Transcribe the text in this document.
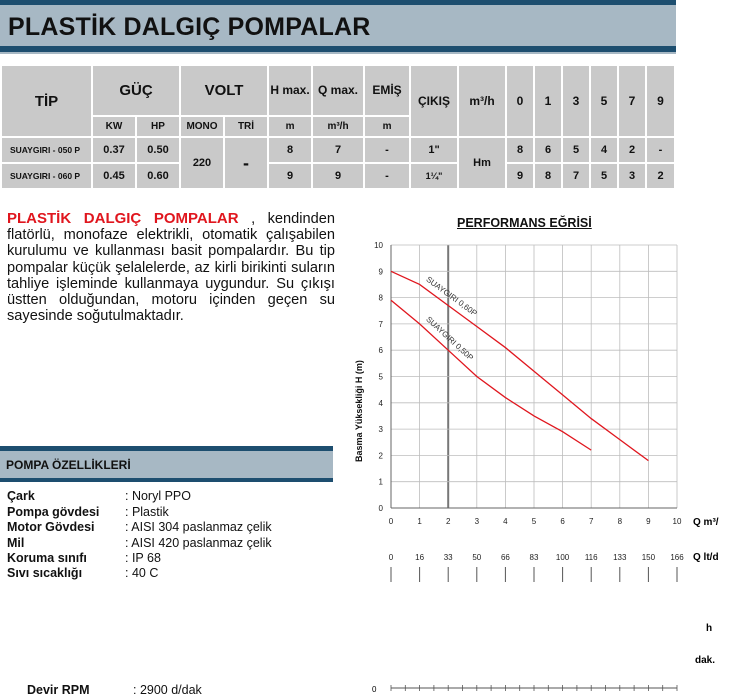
PLASTİK DALGIÇ POMPALAR
TİP	GÜÇ		VOLT		H max.	Q max.	EMİŞ	ÇIKIŞ	m³/h	0	1	3	5	7	9
	KW	HP	MONO	TRİ	m	m³/h	m								
SUAYGIRI - 050 P	0.37	0.50	220	-	8	7	-	1"	Hm	8	6	5	4	2	-
SUAYGIRI - 060 P	0.45	0.60			9	9	-	1¼"		9	8	7	5	3	2
PLASTİK DALGIÇ POMPALAR , kendinden flatörlü, monofaze elektrikli, otomatik çalışabilen kurulumu ve kullanması basit pompalardır. Bu tip pompalar küçük şelalelerde, az kirli birikinti suların tahliye işleminde kullanmaya uygundur. Su çıkışı üstten olduğundan, motoru içinden geçen su sayesinde soğutulmaktadır.
POMPA ÖZELLİKLERİ
Çark	: Noryl PPO
Pompa gövdesi : Plastik
Motor Gövdesi : AISI 304 paslanmaz çelik
Mil	: AISI 420 paslanmaz çelik
Koruma sınıfı	: IP 68
Sıvı sıcaklığı	: 40 C
Devir RPM	: 2900 d/dak
PERFORMANS EĞRİSİ
SUAYGIRI 0,60P
SUAYGIRI 0,50P
0	1	2	3	4	5	6	7	8	9	10
0
1
2
3
4
5
6
7
8
9
10
0	16 33 50 66 83 100 116 133 150 166
Basma Yüksekliği H (m)
Q m³/
Q lt/d
h
dak.
0
